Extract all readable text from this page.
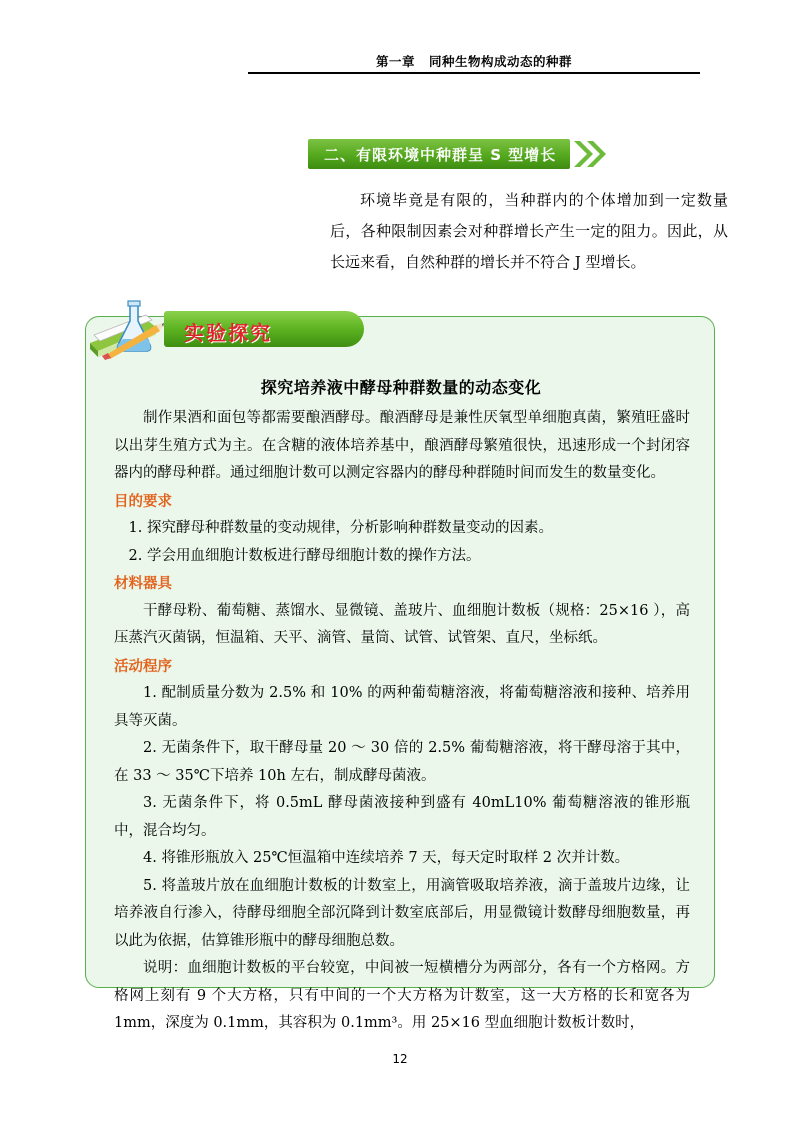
第一章 同种生物构成动态的种群
二、有限环境中种群呈 S 型增长

环境毕竟是有限的，当种群内的个体增加到一定数量后，各种限制因素会对种群增长产生一定的阻力。因此，从长远来看，自然种群的增长并不符合 J 型增长。

实验探究
探究培养液中酵母种群数量的动态变化

制作果酒和面包等都需要酿酒酵母。酿酒酵母是兼性厌氧型单细胞真菌，繁殖旺盛时以出芽生殖方式为主。在含糖的液体培养基中，酿酒酵母繁殖很快，迅速形成一个封闭容器内的酵母种群。通过细胞计数可以测定容器内的酵母种群随时间而发生的数量变化。

目的要求

1. 探究酵母种群数量的变动规律，分析影响种群数量变动的因素。

2. 学会用血细胞计数板进行酵母细胞计数的操作方法。

材料器具

干酵母粉、葡萄糖、蒸馏水、显微镜、盖玻片、血细胞计数板（规格：25×16 ），高压蒸汽灭菌锅，恒温箱、天平、滴管、量筒、试管、试管架、直尺，坐标纸。

活动程序

1. 配制质量分数为 2.5% 和 10% 的两种葡萄糖溶液，将葡萄糖溶液和接种、培养用具等灭菌。

2. 无菌条件下，取干酵母量 20 ～ 30 倍的 2.5% 葡萄糖溶液，将干酵母溶于其中，在 33 ～ 35℃下培养 10h 左右，制成酵母菌液。

3. 无菌条件下，将 0.5mL 酵母菌液接种到盛有 40mL10% 葡萄糖溶液的锥形瓶中，混合均匀。

4. 将锥形瓶放入 25℃恒温箱中连续培养 7 天，每天定时取样 2 次并计数。

5. 将盖玻片放在血细胞计数板的计数室上，用滴管吸取培养液，滴于盖玻片边缘，让培养液自行渗入，待酵母细胞全部沉降到计数室底部后，用显微镜计数酵母细胞数量，再以此为依据，估算锥形瓶中的酵母细胞总数。

说明：血细胞计数板的平台较宽，中间被一短横槽分为两部分，各有一个方格网。方格网上刻有 9 个大方格，只有中间的一个大方格为计数室，这一大方格的长和宽各为 1mm，深度为 0.1mm，其容积为 0.1mm³。用 25×16 型血细胞计数板计数时，

12
